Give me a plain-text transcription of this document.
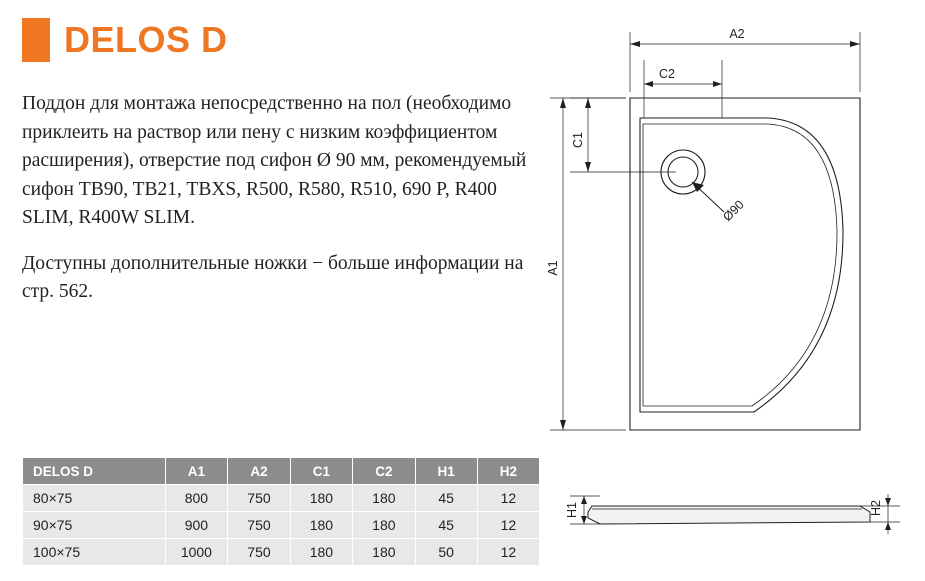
DELOS D

Поддон для монтажа непосредственно на пол (необходимо приклеить на раствор или пену с низким коэффициентом расширения), отверстие под сифон Ø 90 мм, рекомендуемый сифон TB90, TB21, TBXS, R500, R580, R510, 690 P, R400 SLIM, R400W SLIM.

Доступны дополнительные ножки − больше информации на стр. 562.

DELOS D	A1	A2	C1	C2	H1	H2
80×75	800	750	180	180	45	12
90×75	900	750	180	180	45	12
100×75	1000	750	180	180	50	12
Ø90
A2
C2
C1
A1
H1	H2
